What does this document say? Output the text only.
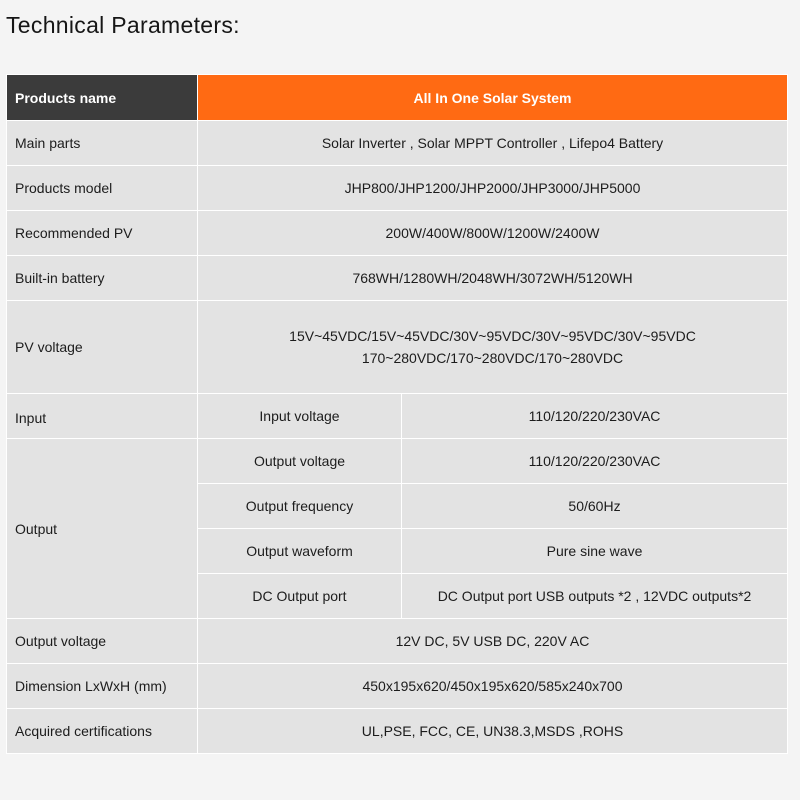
Technical Parameters:
Products name	All In One Solar System	
Main parts	Solar Inverter , Solar MPPT Controller , Lifepo4 Battery	
Products model	JHP800/JHP1200/JHP2000/JHP3000/JHP5000	
Recommended PV	200W/400W/800W/1200W/2400W	
Built-in battery	768WH/1280WH/2048WH/3072WH/5120WH	
PV voltage	15V~45VDC/15V~45VDC/30V~95VDC/30V~95VDC/30V~95VDC
170~280VDC/170~280VDC/170~280VDC	

Input	Input voltage	110/120/220/230VAC
Output	Output voltage	110/120/220/230VAC
	Output frequency	50/60Hz
	Output waveform	Pure sine wave
	DC Output port	DC Output port USB outputs *2 , 12VDC outputs*2
Output voltage	12V DC, 5V USB DC, 220V AC	
Dimension LxWxH (mm)	450x195x620/450x195x620/585x240x700	
Acquired certifications	UL,PSE, FCC, CE, UN38.3,MSDS ,ROHS	
